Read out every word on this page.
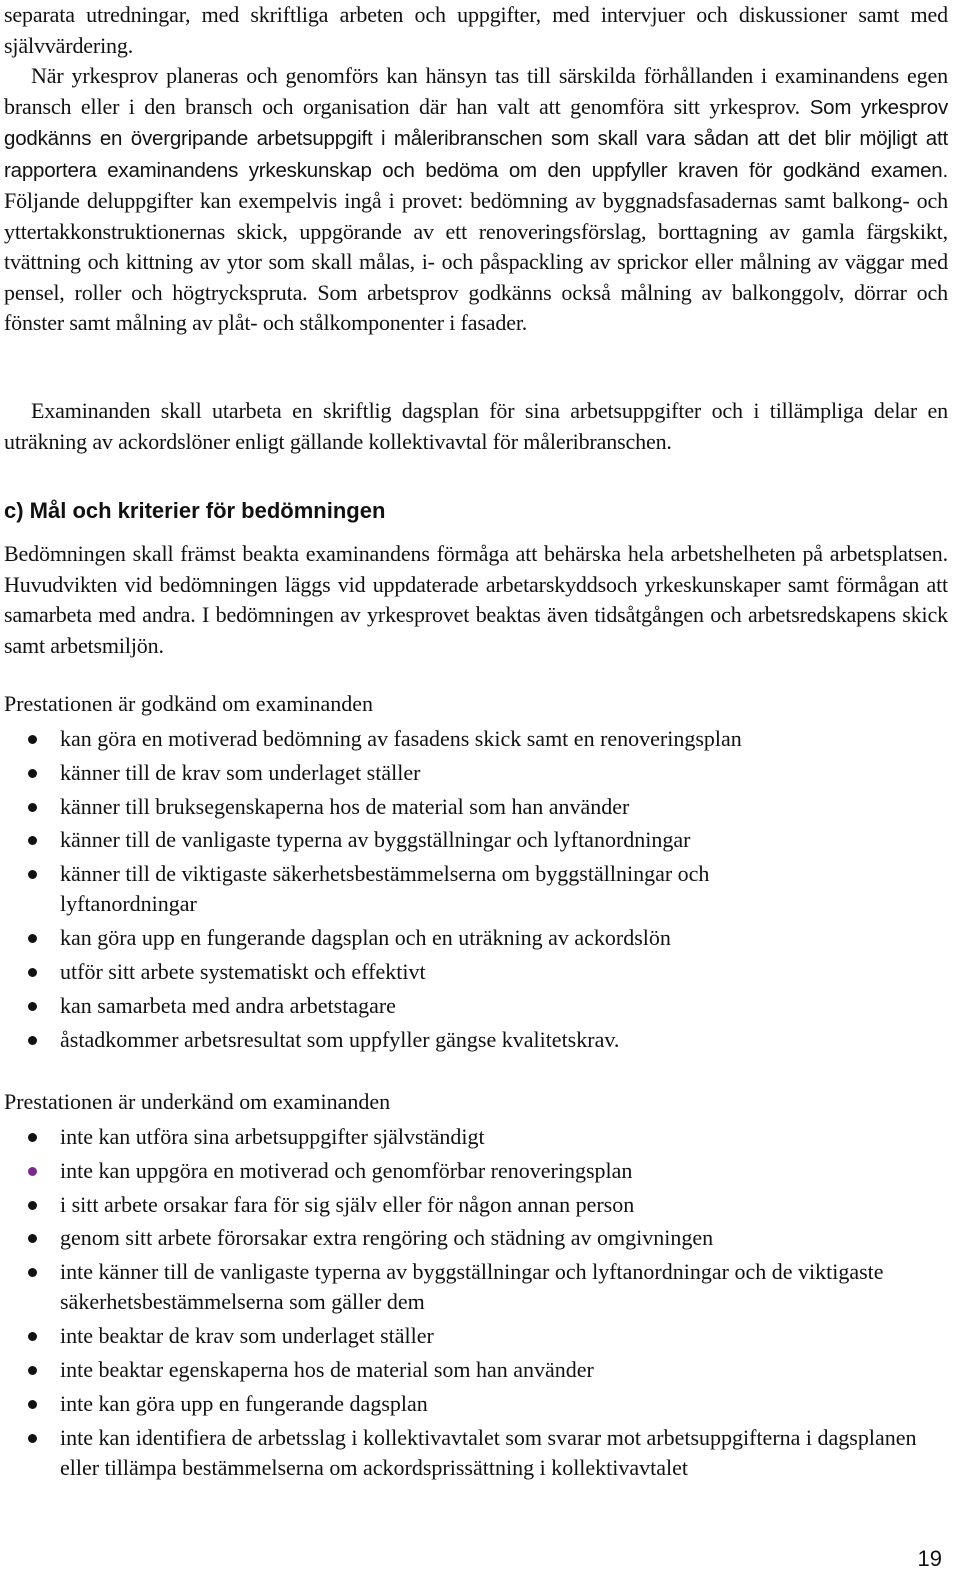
separata utredningar, med skriftliga arbeten och uppgifter, med intervjuer och diskussioner samt med självvärdering.

När yrkesprov planeras och genomförs kan hänsyn tas till särskilda förhållanden i examinandens egen bransch eller i den bransch och organisation där han valt att genomföra sitt yrkesprov. Som yrkesprov godkänns en övergripande arbetsuppgift i måleribranschen som skall vara sådan att det blir möjligt att rapportera examinandens yrkeskunskap och bedöma om den uppfyller kraven för godkänd examen. Följande deluppgifter kan exempelvis ingå i provet: bedömning av byggnadsfasadernas samt balkong- och yttertakkonstruktionernas skick, uppgörande av ett renoveringsförslag, borttagning av gamla färgskikt, tvättning och kittning av ytor som skall målas, i- och påspackling av sprickor eller målning av väggar med pensel, roller och högtryckspruta. Som arbetsprov godkänns också målning av balkonggolv, dörrar och fönster samt målning av plåt- och stålkomponenter i fasader.

Examinanden skall utarbeta en skriftlig dagsplan för sina arbetsuppgifter och i tillämpliga delar en uträkning av ackordslöner enligt gällande kollektivavtal för måleribranschen.

c) Mål och kriterier för bedömningen

Bedömningen skall främst beakta examinandens förmåga att behärska hela arbetshelheten på arbetsplatsen. Huvudvikten vid bedömningen läggs vid uppdaterade arbetarskyddsoch yrkeskunskaper samt förmågan att samarbeta med andra. I bedömningen av yrkesprovet beaktas även tidsåtgången och arbetsredskapens skick samt arbetsmiljön.

Prestationen är godkänd om examinanden

kan göra en motiverad bedömning av fasadens skick samt en renoveringsplan
känner till de krav som underlaget ställer
känner till bruksegenskaperna hos de material som han använder
känner till de vanligaste typerna av byggställningar och lyftanordningar
känner till de viktigaste säkerhetsbestämmelserna om byggställningar och lyftanordningar
kan göra upp en fungerande dagsplan och en uträkning av ackordslön
utför sitt arbete systematiskt och effektivt
kan samarbeta med andra arbetstagare
åstadkommer arbetsresultat som uppfyller gängse kvalitetskrav.

Prestationen är underkänd om examinanden

inte kan utföra sina arbetsuppgifter självständigt
inte kan uppgöra en motiverad och genomförbar renoveringsplan
i sitt arbete orsakar fara för sig själv eller för någon annan person
genom sitt arbete förorsakar extra rengöring och städning av omgivningen
inte känner till de vanligaste typerna av byggställningar och lyftanordningar och de viktigaste säkerhetsbestämmelserna som gäller dem
inte beaktar de krav som underlaget ställer
inte beaktar egenskaperna hos de material som han använder
inte kan göra upp en fungerande dagsplan
inte kan identifiera de arbetsslag i kollektivavtalet som svarar mot arbetsuppgifterna i dagsplanen eller tillämpa bestämmelserna om ackordsprissättning i kollektivavtalet
19
